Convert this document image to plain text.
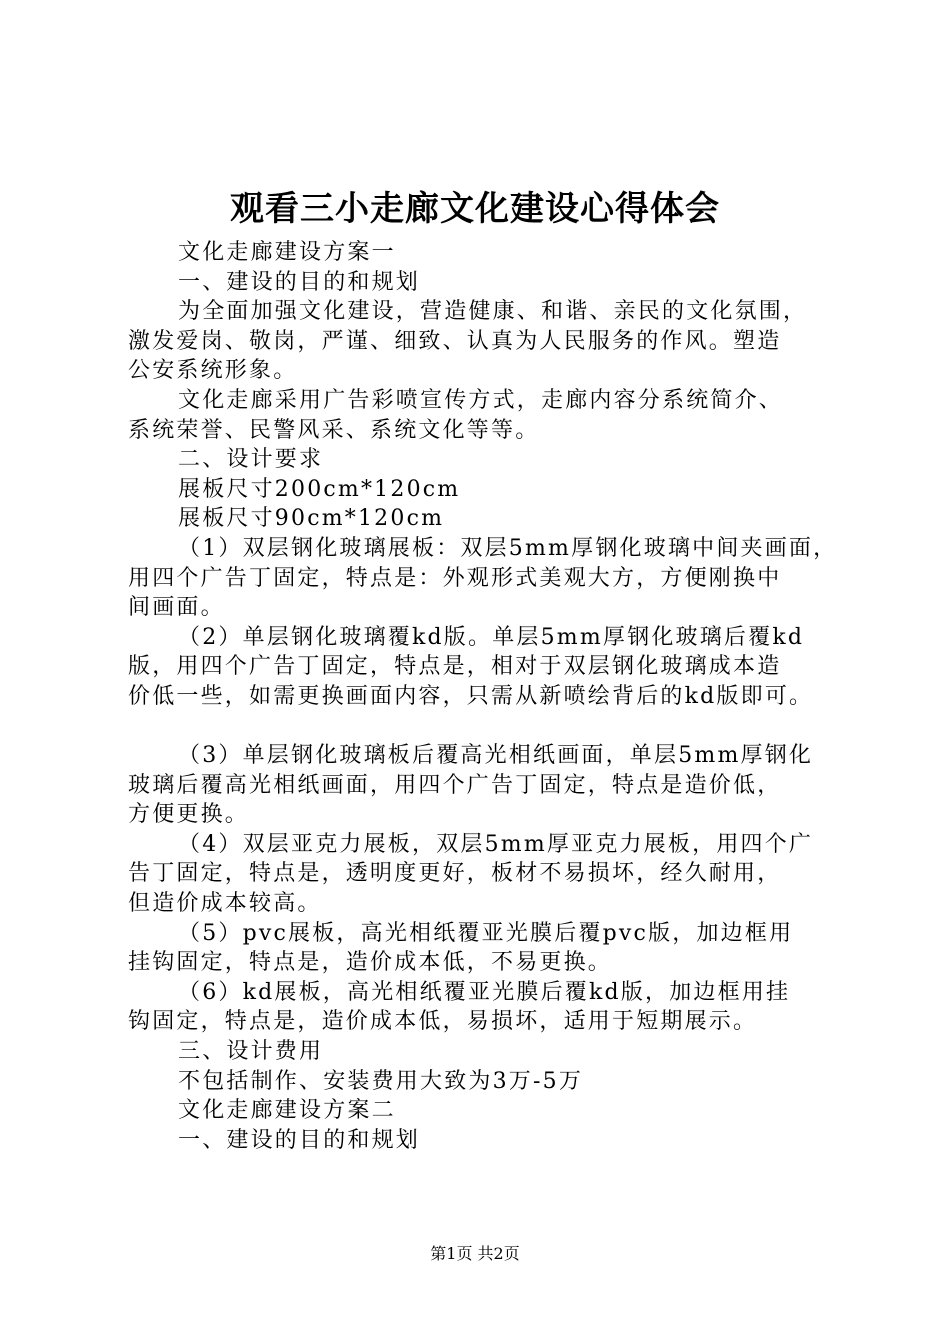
观看三小走廊文化建设心得体会
文化走廊建设方案一
一、建设的目的和规划
为全面加强文化建设，营造健康、和谐、亲民的文化氛围，
激发爱岗、敬岗，严谨、细致、认真为人民服务的作风。塑造
公安系统形象。
文化走廊采用广告彩喷宣传方式，走廊内容分系统简介、
系统荣誉、民警风采、系统文化等等。
二、设计要求
展板尺寸200cm*120cm
展板尺寸90cm*120cm
（1）双层钢化玻璃展板：双层5mm厚钢化玻璃中间夹画面，
用四个广告丁固定，特点是：外观形式美观大方，方便刚换中
间画面。
（2）单层钢化玻璃覆kd版。单层5mm厚钢化玻璃后覆kd
版，用四个广告丁固定，特点是，相对于双层钢化玻璃成本造
价低一些，如需更换画面内容，只需从新喷绘背后的kd版即可。
（3）单层钢化玻璃板后覆高光相纸画面，单层5mm厚钢化
玻璃后覆高光相纸画面，用四个广告丁固定，特点是造价低，
方便更换。
（4）双层亚克力展板，双层5mm厚亚克力展板，用四个广
告丁固定，特点是，透明度更好，板材不易损坏，经久耐用，
但造价成本较高。
（5）pvc展板，高光相纸覆亚光膜后覆pvc版，加边框用
挂钩固定，特点是，造价成本低，不易更换。
（6）kd展板，高光相纸覆亚光膜后覆kd版，加边框用挂
钩固定，特点是，造价成本低，易损坏，适用于短期展示。
三、设计费用
不包括制作、安装费用大致为3万-5万
文化走廊建设方案二
一、建设的目的和规划
第1页 共2页
